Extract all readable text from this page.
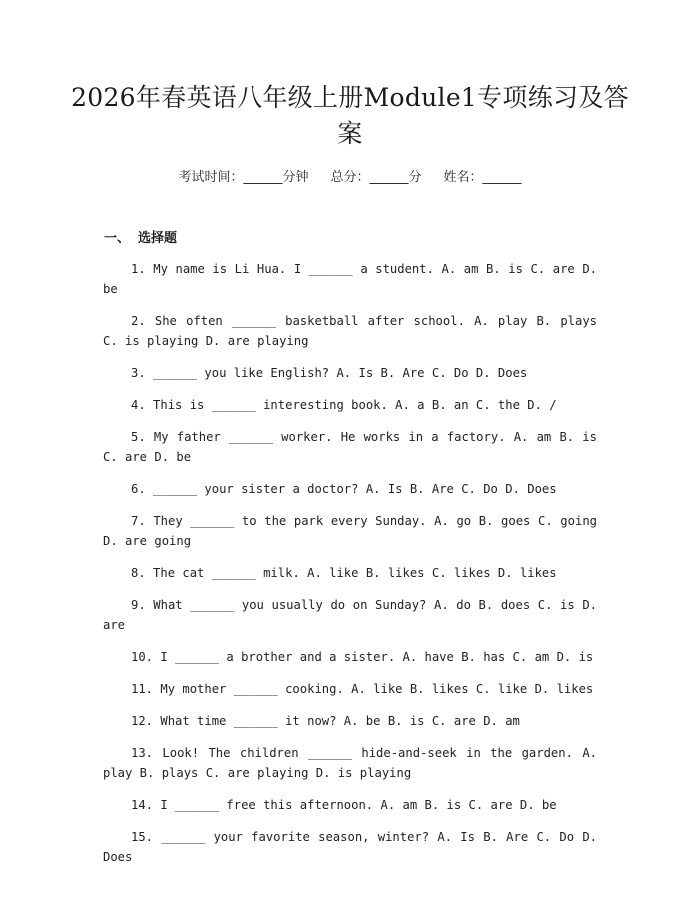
2026年春英语八年级上册Module1专项练习及答案
考试时间：______分钟 总分：______分 姓名：______
一、 选择题

1. My name is Li Hua. I ______ a student. A. am B. is C. are D. be

2. She often ______ basketball after school. A. play B. plays C. is playing D. are playing

3. ______ you like English? A. Is B. Are C. Do D. Does

4. This is ______ interesting book. A. a B. an C. the D. /

5. My father ______ worker. He works in a factory. A. am B. is C. are D. be

6. ______ your sister a doctor? A. Is B. Are C. Do D. Does

7. They ______ to the park every Sunday. A. go B. goes C. going D. are going

8. The cat ______ milk. A. like B. likes C. likes D. likes

9. What ______ you usually do on Sunday? A. do B. does C. is D. are

10. I ______ a brother and a sister. A. have B. has C. am D. is

11. My mother ______ cooking. A. like B. likes C. like D. likes

12. What time ______ it now? A. be B. is C. are D. am

13. Look! The children ______ hide-and-seek in the garden. A. play B. plays C. are playing D. is playing

14. I ______ free this afternoon. A. am B. is C. are D. be

15. ______ your favorite season, winter? A. Is B. Are C. Do D. Does
